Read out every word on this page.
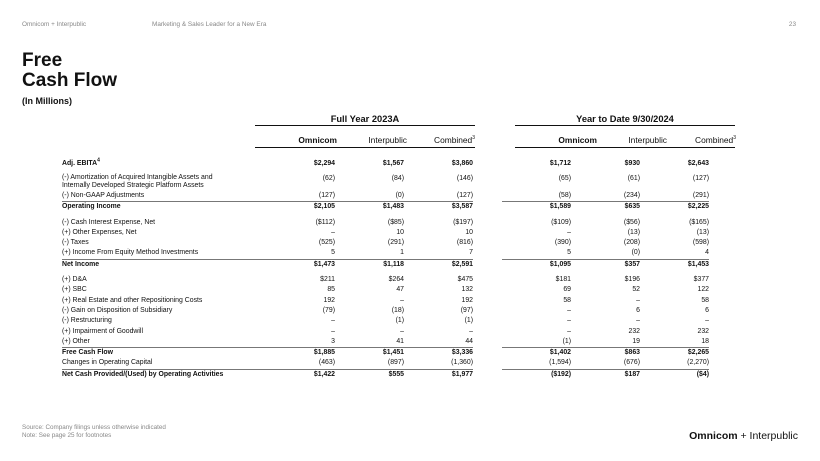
Omnicom + Interpublic	Marketing & Sales Leader for a New Era	23
Free
Cash Flow
(In Millions)
Full Year 2023A	Year to Date 9/30/2024
Omnicom	Interpublic	Combined$^3$	Omnicom	Interpublic	Combined$^3$
Adj. EBITA$^4$	$2,294	$1,567	$3,860		$1,712	$930	$2,643

(-) Amortization of Acquired Intangible Assets and Internally Developed Strategic Platform Assets	(62)	(84)	(146)		(65)	(61)	(127)
(-) Non-GAAP Adjustments	(127)	(0)	(127)		(58)	(234)	(291)
Operating Income	$2,105	$1,483	$3,587		$1,589	$635	$2,225

(-) Cash Interest Expense, Net	($112)	($85)	($197)		($109)	($56)	($165)
(+) Other Expenses, Net	–	10	10		–	(13)	(13)
(-) Taxes	(525)	(291)	(816)		(390)	(208)	(598)
(+) Income From Equity Method Investments	5	1	7		5	(0)	4
Net Income	$1,473	$1,118	$2,591		$1,095	$357	$1,453

(+) D&A	$211	$264	$475		$181	$196	$377
(+) SBC	85	47	132		69	52	122
(+) Real Estate and other Repositioning Costs	192	–	192		58	–	58
(-) Gain on Disposition of Subsidiary	(79)	(18)	(97)		–	6	6
(-) Restructuring	–	(1)	(1)		–	–	–
(+) Impairment of Goodwill	–	–	–		–	232	232
(+) Other	3	41	44		(1)	19	18
Free Cash Flow	$1,885	$1,451	$3,336		$1,402	$863	$2,265
Changes in Operating Capital	(463)	(897)	(1,360)		(1,594)	(676)	(2,270)
Net Cash Provided/(Used) by Operating Activities	$1,422	$555	$1,977		($192)	$187	($4)
Source: Company filings unless otherwise indicated
Note: See page 25 for footnotes	Omnicom + Interpublic
